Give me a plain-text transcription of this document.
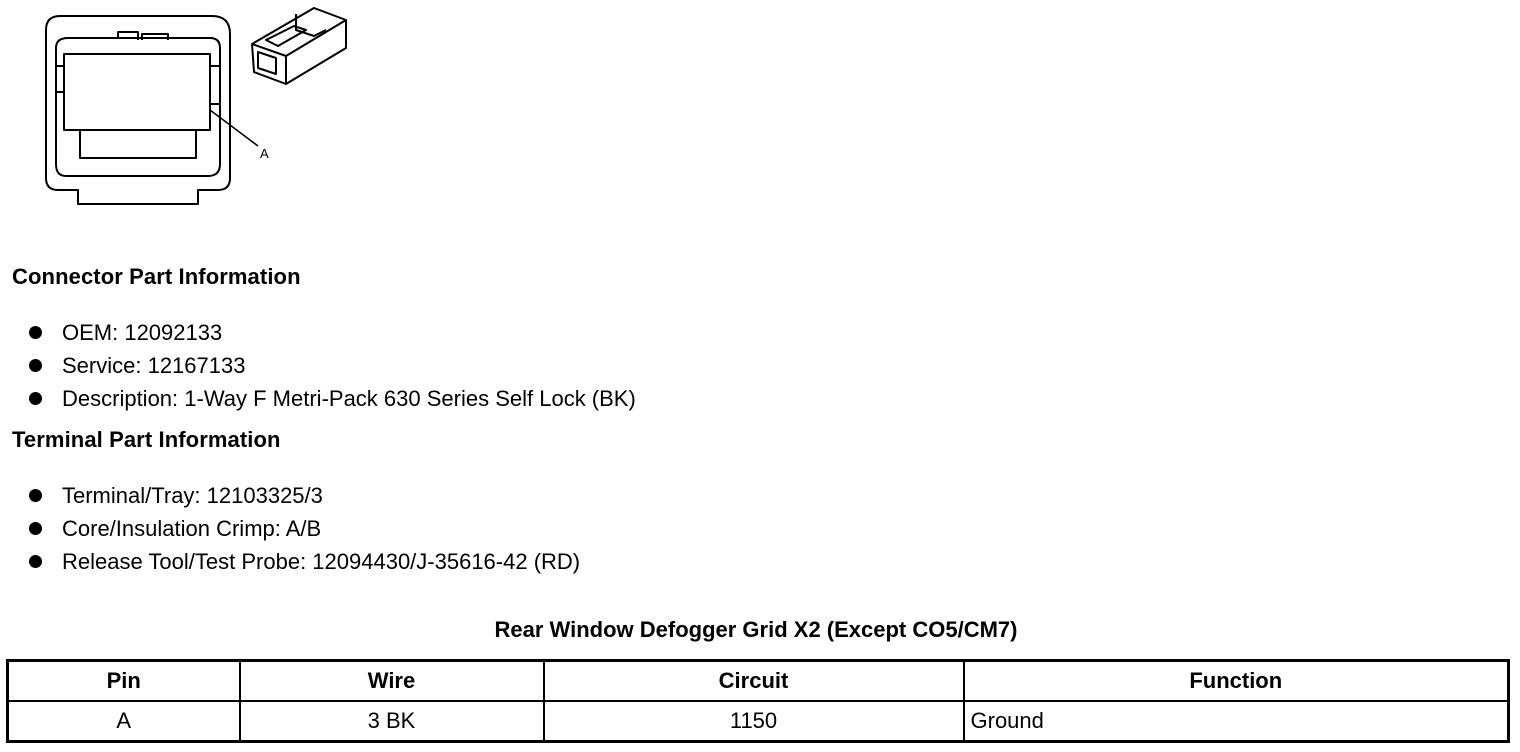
A
Connector Part Information
OEM: 12092133
Service: 12167133
Description: 1-Way F Metri-Pack 630 Series Self Lock (BK)
Terminal Part Information
Terminal/Tray: 12103325/3
Core/Insulation Crimp: A/B
Release Tool/Test Probe: 12094430/J-35616-42 (RD)
Rear Window Defogger Grid X2 (Except CO5/CM7)
Pin	Wire	Circuit	Function
A	3 BK	1150	Ground
